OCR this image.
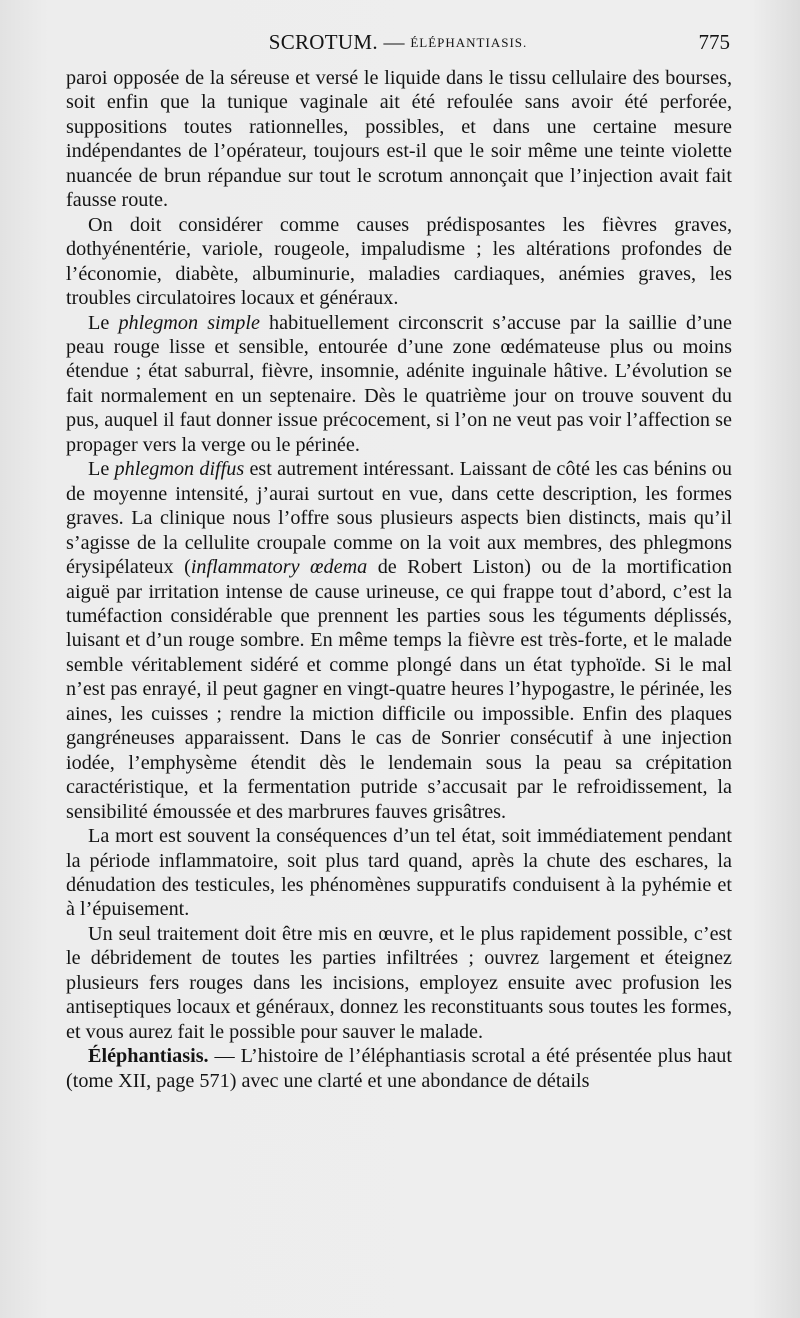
SCROTUM. — ÉLÉPHANTIASIS.	775

paroi opposée de la séreuse et versé le liquide dans le tissu cellulaire des bourses, soit enfin que la tunique vaginale ait été refoulée sans avoir été perforée, suppositions toutes rationnelles, possibles, et dans une certaine mesure indépendantes de l’opérateur, toujours est-il que le soir même une teinte violette nuancée de brun répandue sur tout le scrotum annonçait que l’injection avait fait fausse route.

On doit considérer comme causes prédisposantes les fièvres graves, dothyénentérie, variole, rougeole, impaludisme ; les altérations profondes de l’économie, diabète, albuminurie, maladies cardiaques, anémies graves, les troubles circulatoires locaux et généraux.

Le phlegmon simple habituellement circonscrit s’accuse par la saillie d’une peau rouge lisse et sensible, entourée d’une zone œdémateuse plus ou moins étendue ; état saburral, fièvre, insomnie, adénite inguinale hâtive. L’évolution se fait normalement en un septenaire. Dès le quatrième jour on trouve souvent du pus, auquel il faut donner issue précocement, si l’on ne veut pas voir l’affection se propager vers la verge ou le périnée.

Le phlegmon diffus est autrement intéressant. Laissant de côté les cas bénins ou de moyenne intensité, j’aurai surtout en vue, dans cette description, les formes graves. La clinique nous l’offre sous plusieurs aspects bien distincts, mais qu’il s’agisse de la cellulite croupale comme on la voit aux membres, des phlegmons érysipélateux (inflammatory œdema de Robert Liston) ou de la mortification aiguë par irritation intense de cause urineuse, ce qui frappe tout d’abord, c’est la tuméfaction considérable que prennent les parties sous les téguments déplissés, luisant et d’un rouge sombre. En même temps la fièvre est très-forte, et le malade semble véritablement sidéré et comme plongé dans un état typhoïde. Si le mal n’est pas enrayé, il peut gagner en vingt-quatre heures l’hypogastre, le périnée, les aines, les cuisses ; rendre la miction difficile ou impossible. Enfin des plaques gangréneuses apparaissent. Dans le cas de Sonrier consécutif à une injection iodée, l’emphysème étendit dès le lendemain sous la peau sa crépitation caractéristique, et la fermentation putride s’accusait par le refroidissement, la sensibilité émoussée et des marbrures fauves grisâtres.

La mort est souvent la conséquences d’un tel état, soit immédiatement pendant la période inflammatoire, soit plus tard quand, après la chute des eschares, la dénudation des testicules, les phénomènes suppuratifs conduisent à la pyhémie et à l’épuisement.

Un seul traitement doit être mis en œuvre, et le plus rapidement possible, c’est le débridement de toutes les parties infiltrées ; ouvrez largement et éteignez plusieurs fers rouges dans les incisions, employez ensuite avec profusion les antiseptiques locaux et généraux, donnez les reconstituants sous toutes les formes, et vous aurez fait le possible pour sauver le malade.

Éléphantiasis. — L’histoire de l’éléphantiasis scrotal a été présentée plus haut (tome XII, page 571) avec une clarté et une abondance de détails
